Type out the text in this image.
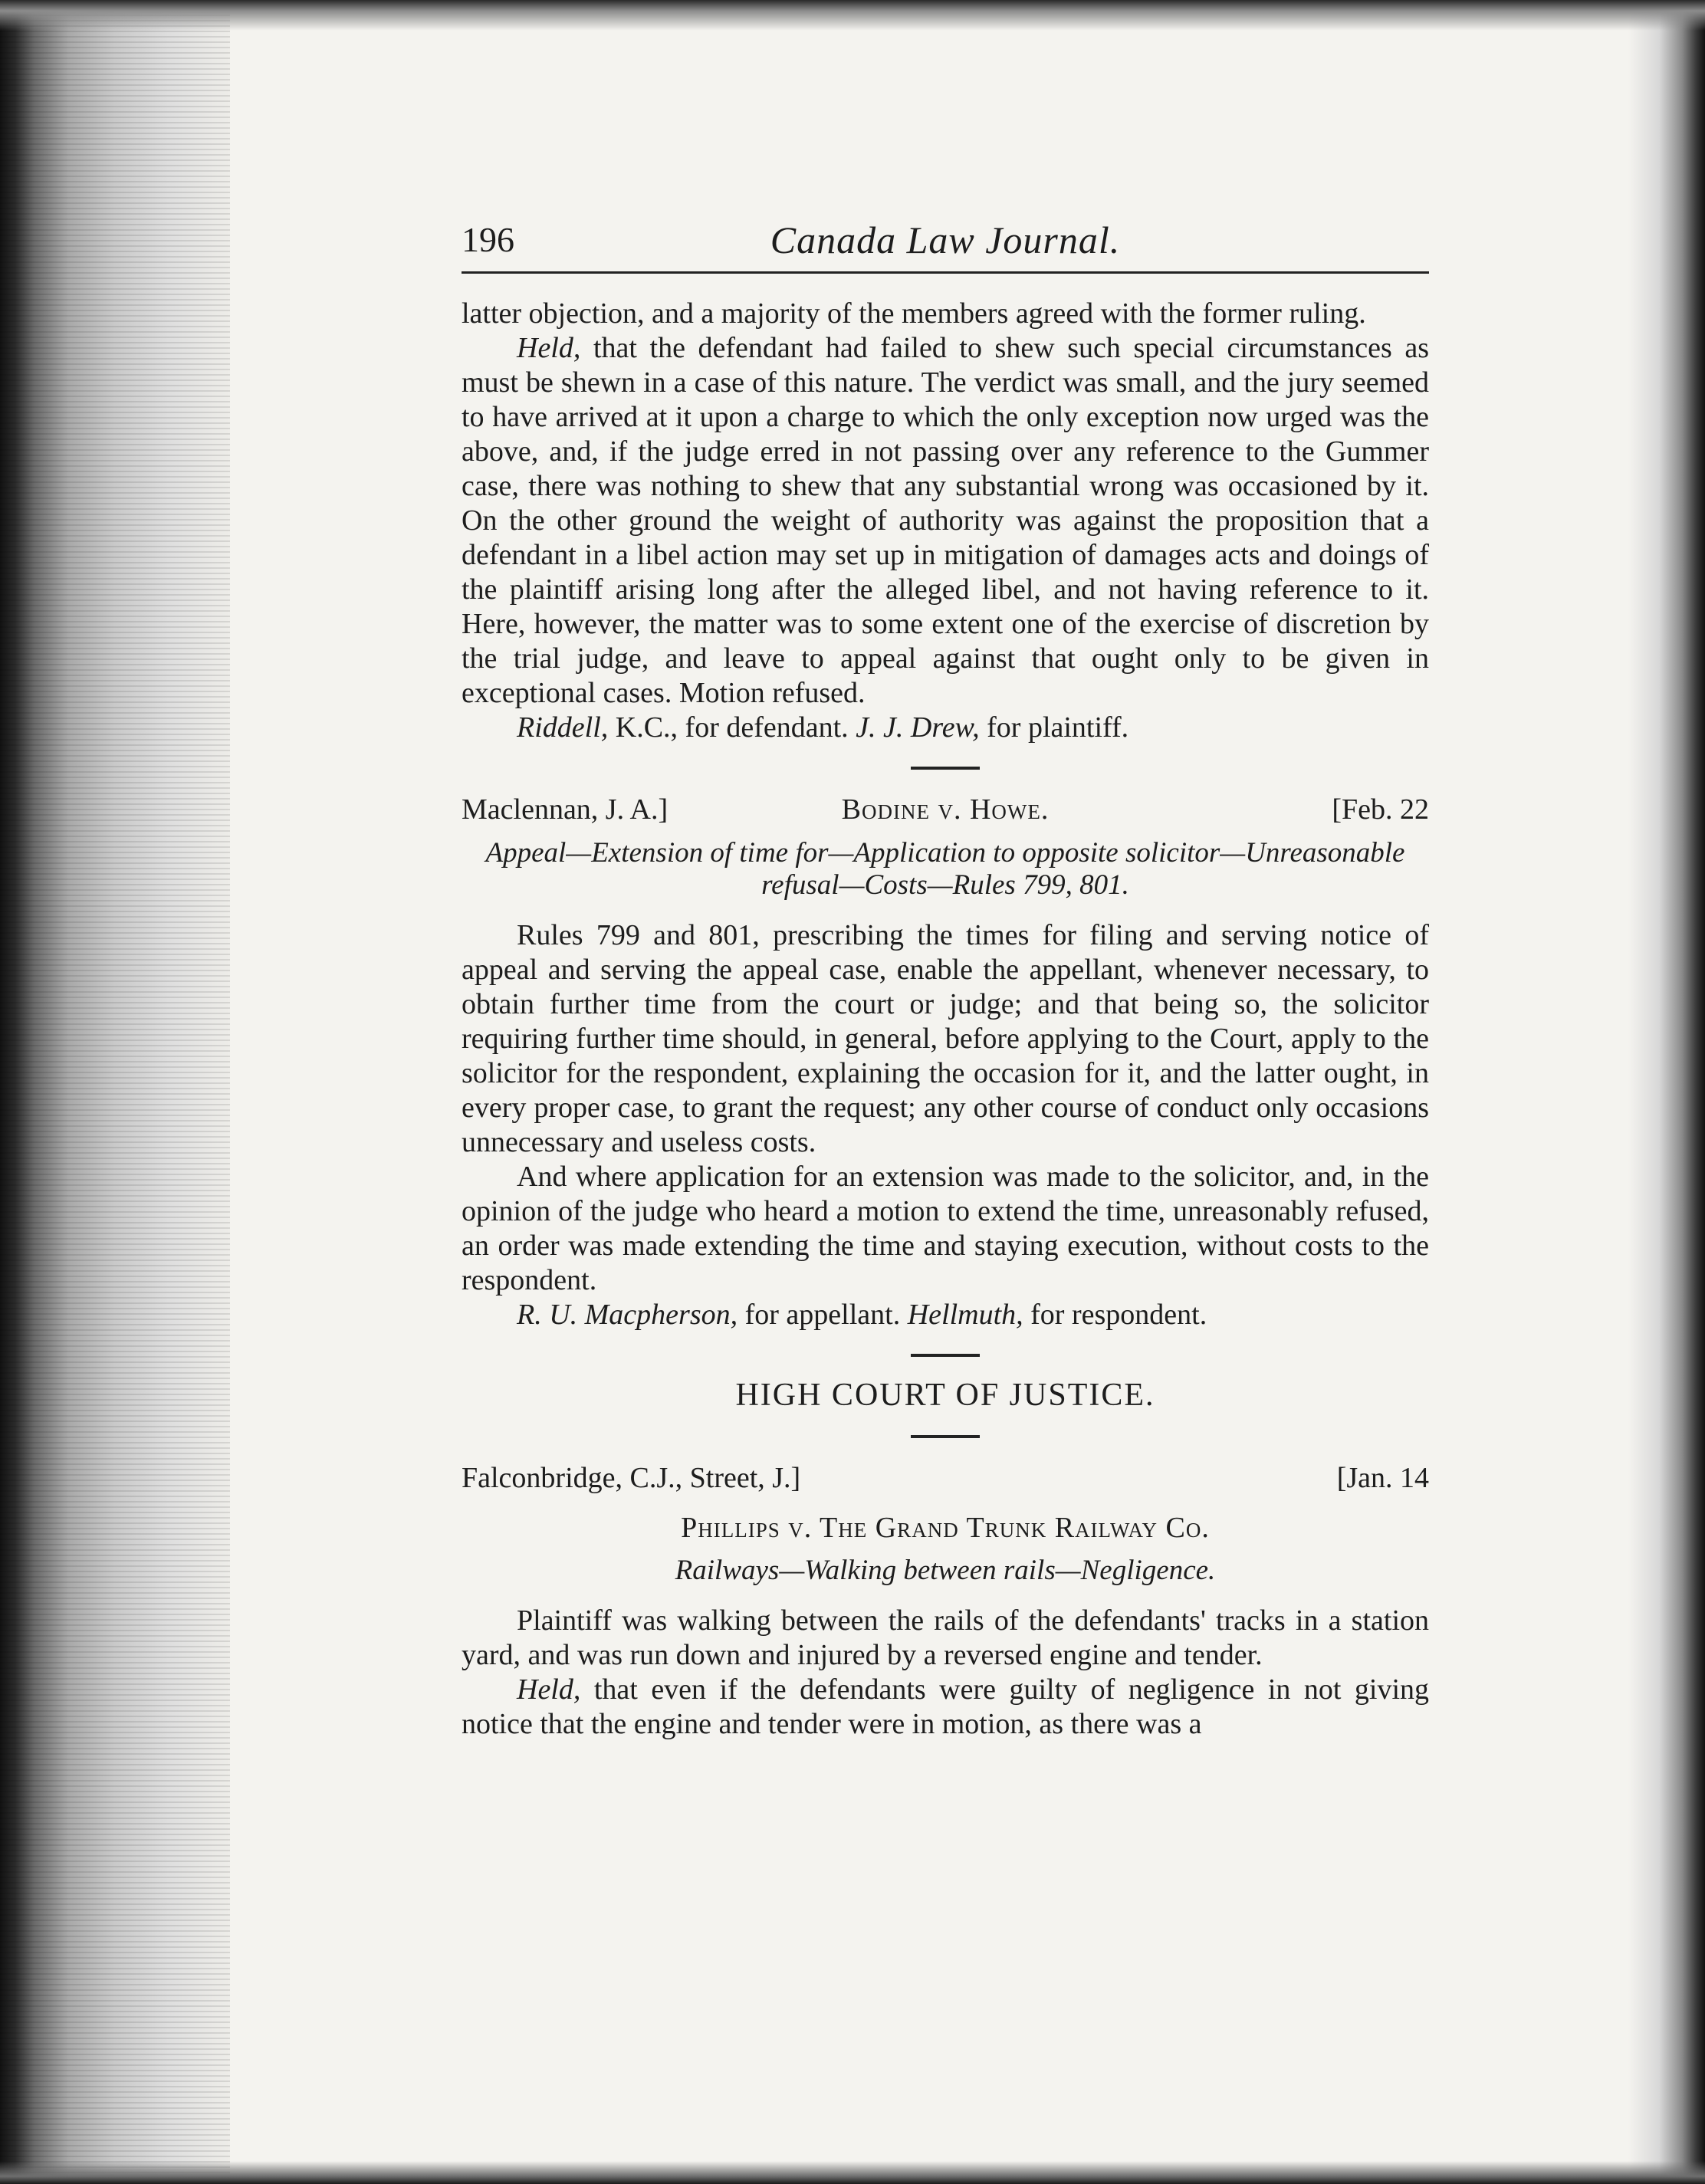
196	Canada Law Journal.

latter objection, and a majority of the members agreed with the former ruling.

Held, that the defendant had failed to shew such special circumstances as must be shewn in a case of this nature. The verdict was small, and the jury seemed to have arrived at it upon a charge to which the only exception now urged was the above, and, if the judge erred in not passing over any reference to the Gummer case, there was nothing to shew that any substantial wrong was occasioned by it. On the other ground the weight of authority was against the proposition that a defendant in a libel action may set up in mitigation of damages acts and doings of the plaintiff arising long after the alleged libel, and not having reference to it. Here, however, the matter was to some extent one of the exercise of discretion by the trial judge, and leave to appeal against that ought only to be given in exceptional cases. Motion refused.

Riddell, K.C., for defendant. J. J. Drew, for plaintiff.

Maclennan, J. A.]	Bodine v. Howe.	[Feb. 22
Appeal—Extension of time for—Application to opposite solicitor—Unreasonable refusal—Costs—Rules 799, 801.

Rules 799 and 801, prescribing the times for filing and serving notice of appeal and serving the appeal case, enable the appellant, whenever necessary, to obtain further time from the court or judge; and that being so, the solicitor requiring further time should, in general, before applying to the Court, apply to the solicitor for the respondent, explaining the occasion for it, and the latter ought, in every proper case, to grant the request; any other course of conduct only occasions unnecessary and useless costs.

And where application for an extension was made to the solicitor, and, in the opinion of the judge who heard a motion to extend the time, unreasonably refused, an order was made extending the time and staying execution, without costs to the respondent.

R. U. Macpherson, for appellant. Hellmuth, for respondent.

HIGH COURT OF JUSTICE.
Falconbridge, C.J., Street, J.]	[Jan. 14
Phillips v. The Grand Trunk Railway Co.
Railways—Walking between rails—Negligence.

Plaintiff was walking between the rails of the defendants' tracks in a station yard, and was run down and injured by a reversed engine and tender.

Held, that even if the defendants were guilty of negligence in not giving notice that the engine and tender were in motion, as there was a
